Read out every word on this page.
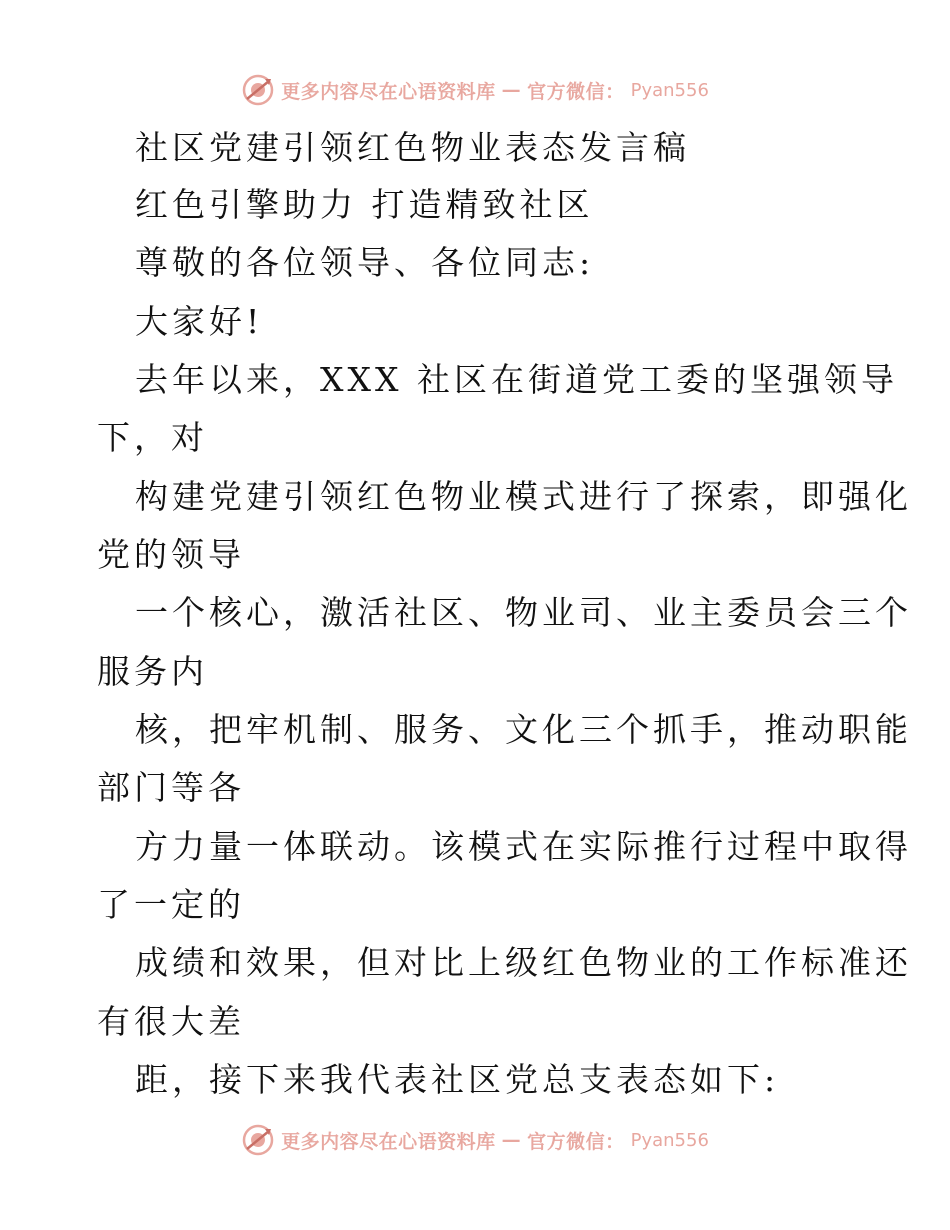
更多内容尽在心语资料库 — 官方微信： Pyan556
社区党建引领红色物业表态发言稿
红色引擎助力 打造精致社区
尊敬的各位领导、各位同志:
大家好!
去年以来，XXX 社区在街道党工委的坚强领导
下，对
构建党建引领红色物业模式进行了探索，即强化
党的领导
一个核心，激活社区、物业司、业主委员会三个
服务内
核，把牢机制、服务、文化三个抓手，推动职能
部门等各
方力量一体联动。该模式在实际推行过程中取得
了一定的
成绩和效果，但对比上级红色物业的工作标准还
有很大差
距，接下来我代表社区党总支表态如下:
更多内容尽在心语资料库 — 官方微信： Pyan556
